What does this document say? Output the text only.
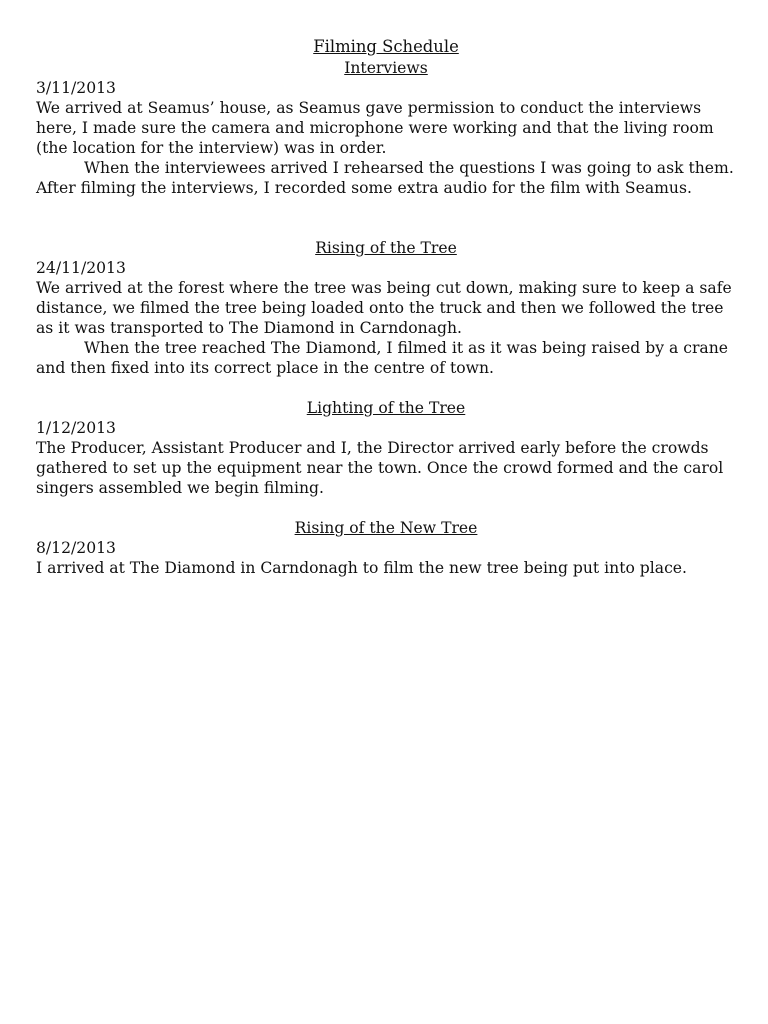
Filming Schedule

Interviews

3/11/2013

We arrived at Seamus’ house, as Seamus gave permission to conduct the interviews here, I made sure the camera and microphone were working and that the living room (the location for the interview) was in order.

When the interviewees arrived I rehearsed the questions I was going to ask them. After filming the interviews, I recorded some extra audio for the film with Seamus.

Rising of the Tree

24/11/2013

We arrived at the forest where the tree was being cut down, making sure to keep a safe distance, we filmed the tree being loaded onto the truck and then we followed the tree as it was transported to The Diamond in Carndonagh.

When the tree reached The Diamond, I filmed it as it was being raised by a crane and then fixed into its correct place in the centre of town.

Lighting of the Tree

1/12/2013

The Producer, Assistant Producer and I, the Director arrived early before the crowds gathered to set up the equipment near the town. Once the crowd formed and the carol singers assembled we begin filming.

Rising of the New Tree

8/12/2013

I arrived at The Diamond in Carndonagh to film the new tree being put into place.
